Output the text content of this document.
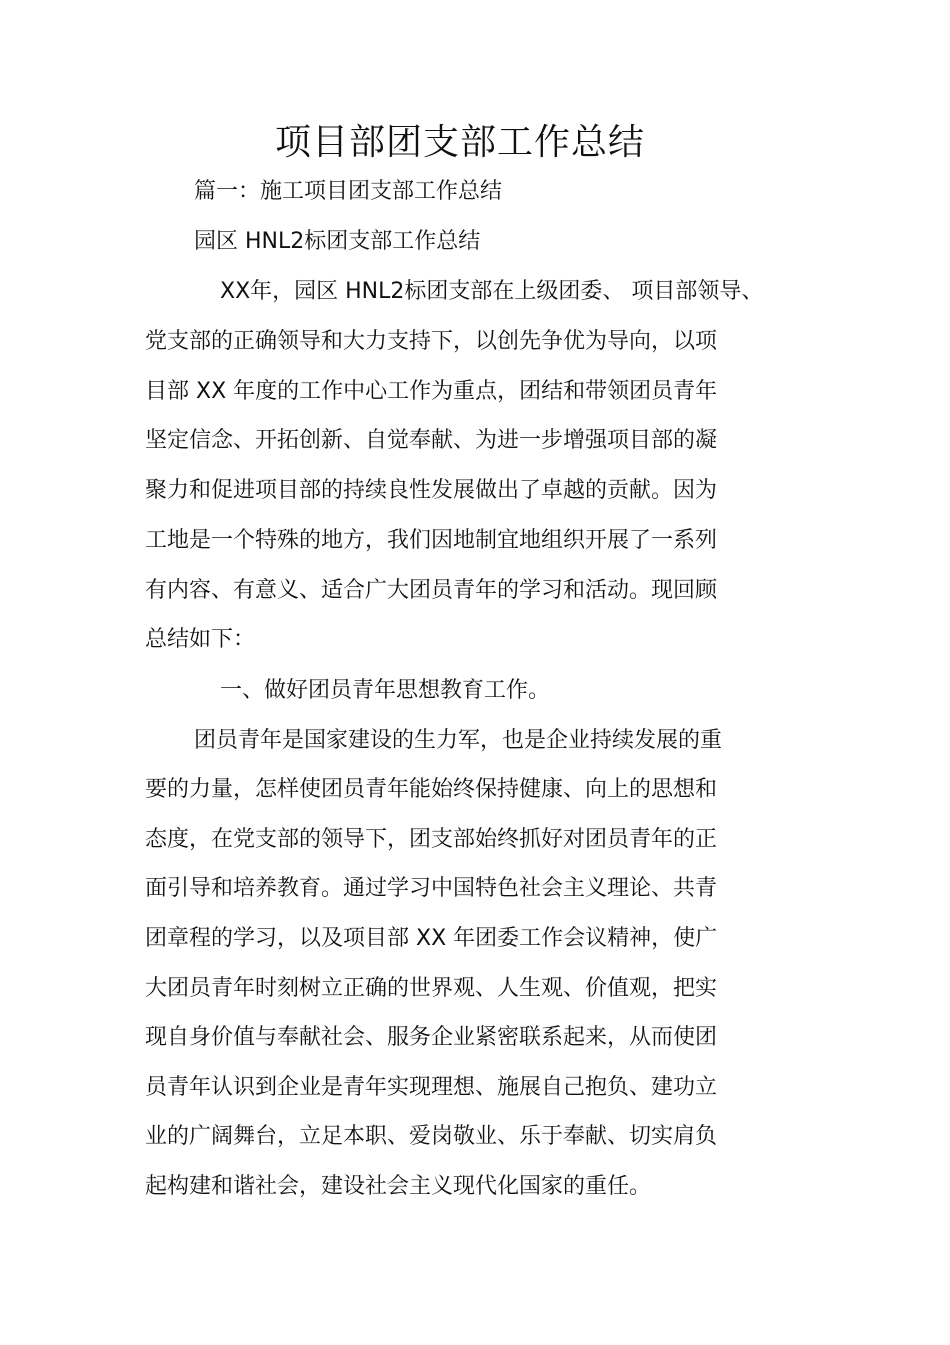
项目部团支部工作总结
篇一：施工项目团支部工作总结
园区 HNL2标团支部工作总结
XX年，园区 HNL2标团支部在上级团委、 项目部领导、
党支部的正确领导和大力支持下，以创先争优为导向，以项
目部 XX 年度的工作中心工作为重点，团结和带领团员青年
坚定信念、开拓创新、自觉奉献、为进一步增强项目部的凝
聚力和促进项目部的持续良性发展做出了卓越的贡献。因为
工地是一个特殊的地方，我们因地制宜地组织开展了一系列
有内容、有意义、适合广大团员青年的学习和活动。现回顾
总结如下：
一、做好团员青年思想教育工作。
团员青年是国家建设的生力军，也是企业持续发展的重
要的力量，怎样使团员青年能始终保持健康、向上的思想和
态度，在党支部的领导下，团支部始终抓好对团员青年的正
面引导和培养教育。通过学习中国特色社会主义理论、共青
团章程的学习，以及项目部 XX 年团委工作会议精神，使广
大团员青年时刻树立正确的世界观、人生观、价值观，把实
现自身价值与奉献社会、服务企业紧密联系起来，从而使团
员青年认识到企业是青年实现理想、施展自己抱负、建功立
业的广阔舞台，立足本职、爱岗敬业、乐于奉献、切实肩负
起构建和谐社会，建设社会主义现代化国家的重任。
